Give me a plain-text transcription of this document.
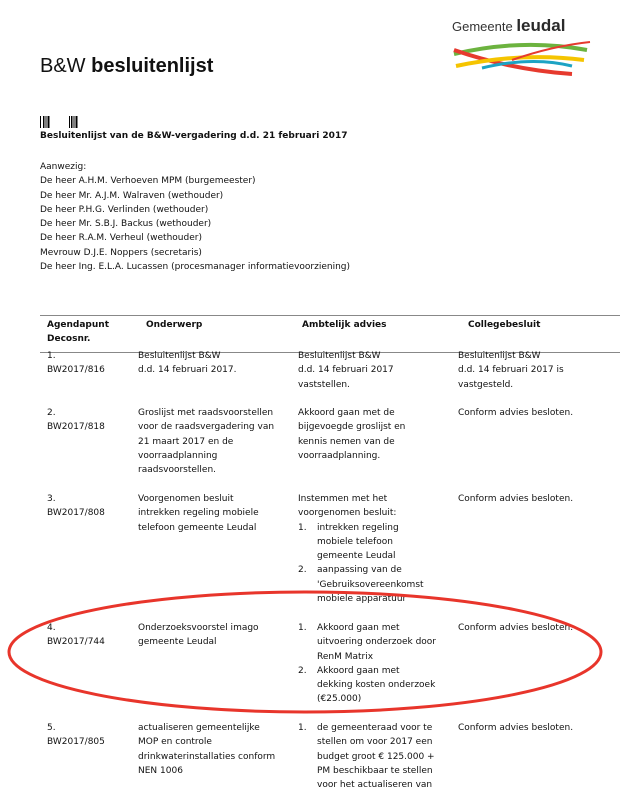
B&W besluitenlijst
Gemeente leudal
Besluitenlijst van de B&W-vergadering d.d. 21 februari 2017
Aanwezig:
De heer A.H.M. Verhoeven MPM (burgemeester)
De heer Mr. A.J.M. Walraven (wethouder)
De heer P.H.G. Verlinden (wethouder)
De heer Mr. S.B.J. Backus (wethouder)
De heer R.A.M. Verheul (wethouder)
Mevrouw D.J.E. Noppers (secretaris)
De heer Ing. E.L.A. Lucassen (procesmanager informatievoorziening)
Agendapunt
Decosnr.
Onderwerp	Ambtelijk advies	Collegebesluit
1.
BW2017/816
Besluitenlijst B&W
d.d. 14 februari 2017.
Besluitenlijst B&W
d.d. 14 februari 2017
vaststellen.
Besluitenlijst B&W
d.d. 14 februari 2017 is
vastgesteld.
2.
BW2017/818
Groslijst met raadsvoorstellen
voor de raadsvergadering van
21 maart 2017 en de
voorraadplanning
raadsvoorstellen.
Akkoord gaan met de
bijgevoegde groslijst en
kennis nemen van de
voorraadplanning.
Conform advies besloten.
3.
BW2017/808
Voorgenomen besluit
intrekken regeling mobiele
telefoon gemeente Leudal
Instemmen met het
voorgenomen besluit:
1. intrekken regeling
mobiele telefoon
gemeente Leudal
2. aanpassing van de
'Gebruiksovereenkomst
mobiele apparatuur
Conform advies besloten.
4.
BW2017/744
Onderzoeksvoorstel imago
gemeente Leudal
1. Akkoord gaan met
uitvoering onderzoek door
RenM Matrix
2. Akkoord gaan met
dekking kosten onderzoek
(€25.000)
Conform advies besloten.
5.
BW2017/805
actualiseren gemeentelijke
MOP en controle
drinkwaterinstallaties conform
NEN 1006
1. de gemeenteraad voor te
stellen om voor 2017 een
budget groot € 125.000 +
PM beschikbaar te stellen
voor het actualiseren van
Conform advies besloten.
